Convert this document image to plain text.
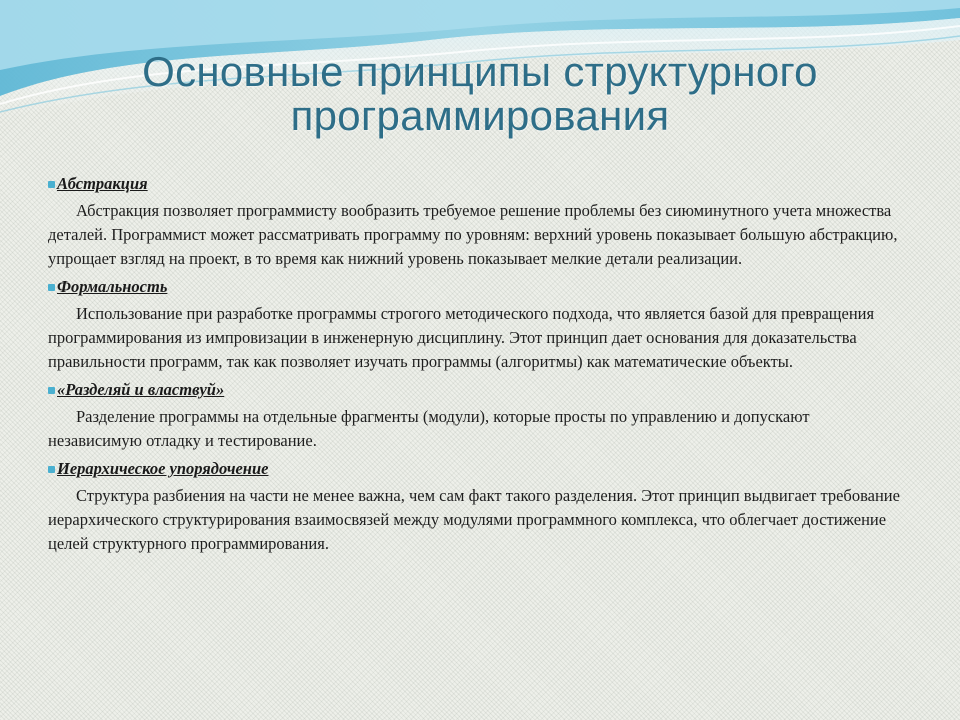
Основные принципы структурного
программирования
Абстракция

Абстракция позволяет программисту вообразить требуемое решение проблемы без сиюминутного учета множества деталей. Программист может рассматривать программу по уровням: верхний уровень показывает большую абстракцию, упрощает взгляд на проект, в то время как нижний уровень показывает мелкие детали реализации.

Формальность

Использование при разработке программы строгого методического подхода, что является базой для превращения программирования из импровизации в инженерную дисциплину. Этот принцип дает основания для доказательства правильности программ, так как позволяет изучать программы (алгоритмы) как математические объекты.

«Разделяй и властвуй»

Разделение программы на отдельные фрагменты (модули), которые просты по управлению и допускают независимую отладку и тестирование.

Иерархическое упорядочение

Структура разбиения на части не менее важна, чем сам факт такого разделения. Этот принцип выдвигает требование иерархического структурирования взаимосвязей между модулями программного комплекса, что облегчает достижение целей структурного программирования.
